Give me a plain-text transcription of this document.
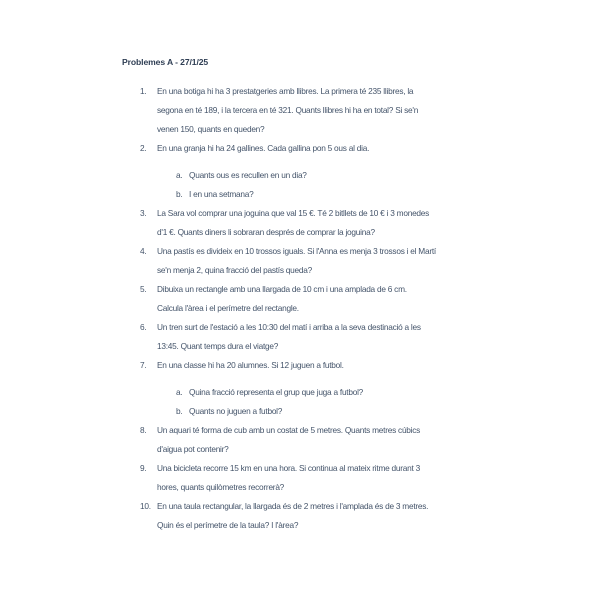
Problemes A - 27/1/25
1. En una botiga hi ha 3 prestatgeries amb llibres. La primera té 235 llibres, la
segona en té 189, i la tercera en té 321. Quants llibres hi ha en total? Si se'n
venen 150, quants en queden?
2. En una granja hi ha 24 gallines. Cada gallina pon 5 ous al dia.
a. Quants ous es recullen en un dia?
b. I en una setmana?
3. La Sara vol comprar una joguina que val 15 €. Té 2 bitllets de 10 € i 3 monedes
d'1 €. Quants diners li sobraran després de comprar la joguina?
4. Una pastís es divideix en 10 trossos iguals. Si l'Anna es menja 3 trossos i el Martí
se'n menja 2, quina fracció del pastís queda?
5. Dibuixa un rectangle amb una llargada de 10 cm i una amplada de 6 cm.
Calcula l'àrea i el perímetre del rectangle.
6. Un tren surt de l'estació a les 10:30 del matí i arriba a la seva destinació a les
13:45. Quant temps dura el viatge?
7. En una classe hi ha 20 alumnes. Si 12 juguen a futbol.
a. Quina fracció representa el grup que juga a futbol?
b. Quants no juguen a futbol?
8. Un aquari té forma de cub amb un costat de 5 metres. Quants metres cúbics
d'aigua pot contenir?
9. Una bicicleta recorre 15 km en una hora. Si continua al mateix ritme durant 3
hores, quants quilòmetres recorrerà?
10. En una taula rectangular, la llargada és de 2 metres i l'amplada és de 3 metres.
Quin és el perímetre de la taula? I l'àrea?
